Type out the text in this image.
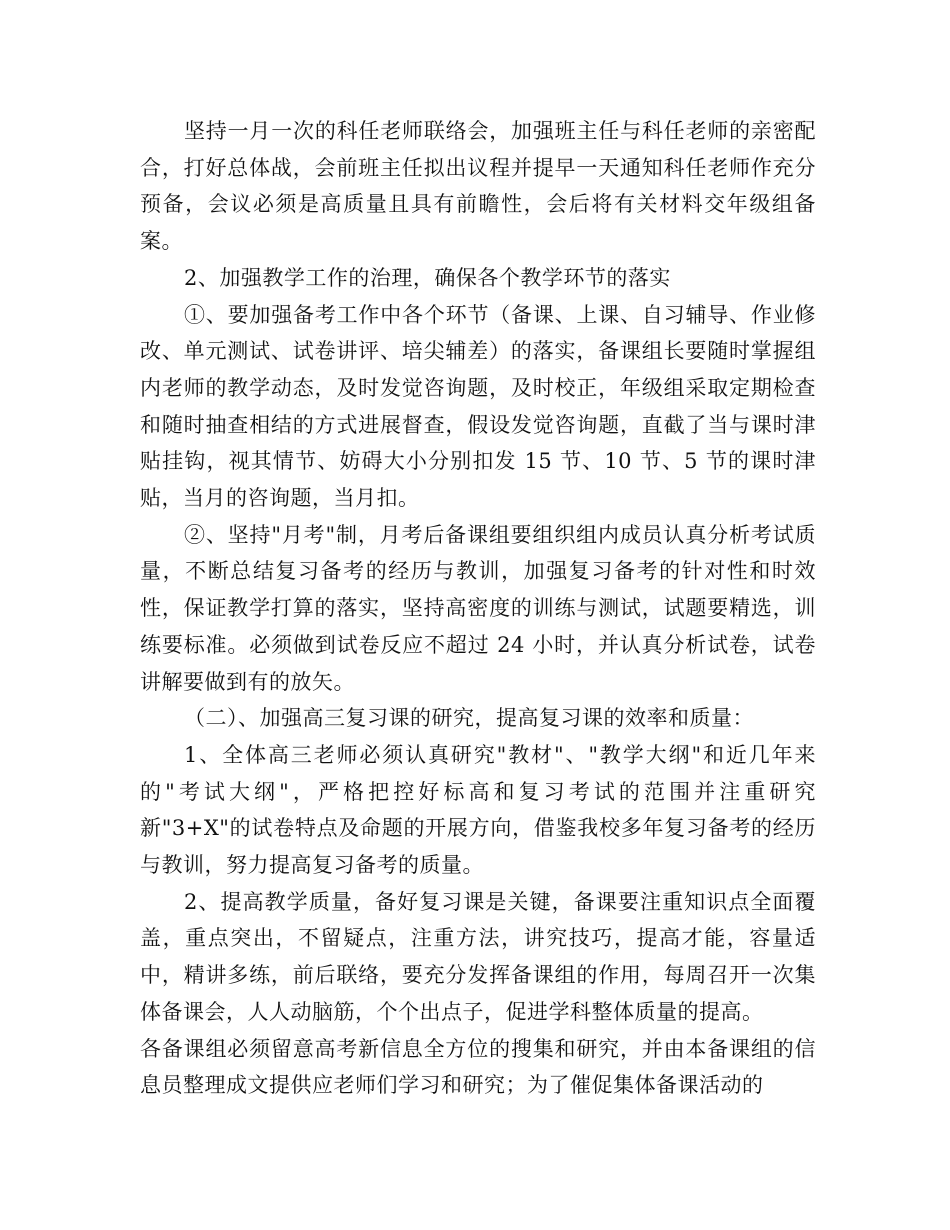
坚持一月一次的科任老师联络会，加强班主任与科任老师的亲密配合，打好总体战，会前班主任拟出议程并提早一天通知科任老师作充分预备，会议必须是高质量且具有前瞻性，会后将有关材料交年级组备案。

2、加强教学工作的治理，确保各个教学环节的落实

①、要加强备考工作中各个环节（备课、上课、自习辅导、作业修改、单元测试、试卷讲评、培尖辅差）的落实，备课组长要随时掌握组内老师的教学动态，及时发觉咨询题，及时校正，年级组采取定期检查和随时抽查相结的方式进展督查，假设发觉咨询题，直截了当与课时津贴挂钩，视其情节、妨碍大小分别扣发 15 节、10 节、5 节的课时津贴，当月的咨询题，当月扣。

②、坚持"月考"制，月考后备课组要组织组内成员认真分析考试质量，不断总结复习备考的经历与教训，加强复习备考的针对性和时效性，保证教学打算的落实，坚持高密度的训练与测试，试题要精选，训练要标准。必须做到试卷反应不超过 24 小时，并认真分析试卷，试卷讲解要做到有的放矢。

（二）、加强高三复习课的研究，提高复习课的效率和质量：

1、全体高三老师必须认真研究"教材"、"教学大纲"和近几年来的"考试大纲"，严格把控好标高和复习考试的范围并注重研究新"3+X"的试卷特点及命题的开展方向，借鉴我校多年复习备考的经历与教训，努力提高复习备考的质量。

2、提高教学质量，备好复习课是关键，备课要注重知识点全面覆盖，重点突出，不留疑点，注重方法，讲究技巧，提高才能，容量适中，精讲多练，前后联络，要充分发挥备课组的作用，每周召开一次集体备课会，人人动脑筋，个个出点子，促进学科整体质量的提高。

各备课组必须留意高考新信息全方位的搜集和研究，并由本备课组的信息员整理成文提供应老师们学习和研究；为了催促集体备课活动的
